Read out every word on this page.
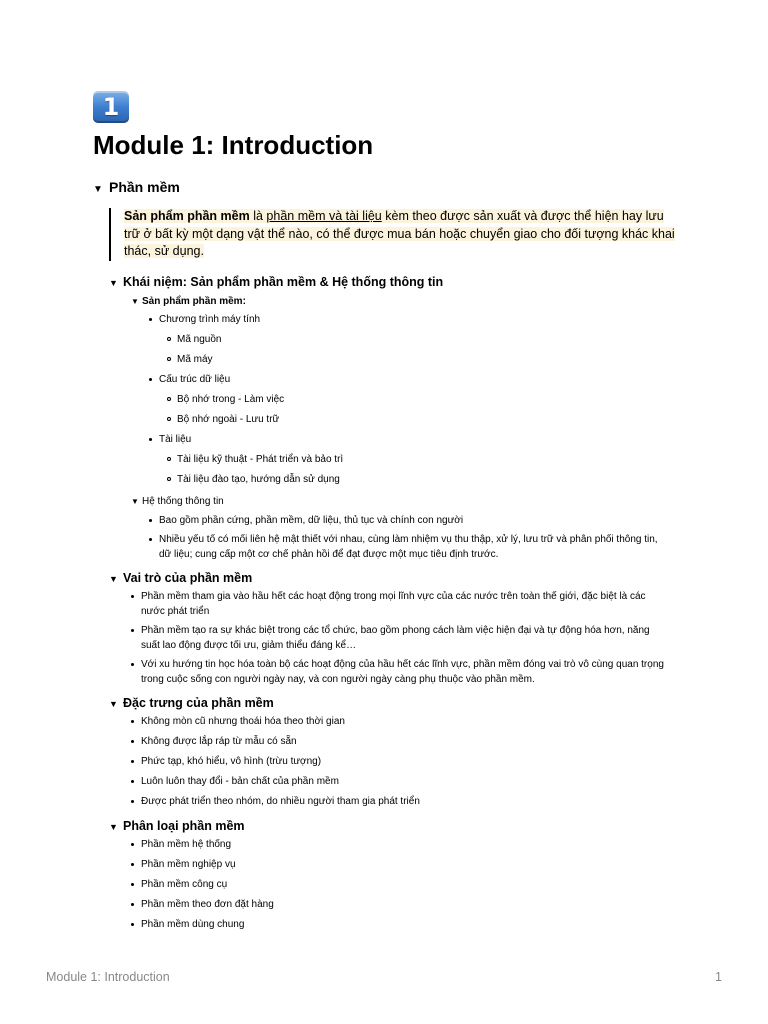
1
Module 1: Introduction
▼ Phần mềm
Sản phẩm phần mềm là phần mềm và tài liệu kèm theo được sản xuất và được thể hiện hay lưu trữ ở bất kỳ một dạng vật thể nào, có thể được mua bán hoặc chuyển giao cho đối tượng khác khai thác, sử dụng.
▼ Khái niệm: Sản phẩm phần mềm & Hệ thống thông tin
▼ Sản phẩm phần mềm:
Chương trình máy tính
Mã nguồn
Mã máy
Cấu trúc dữ liệu
Bộ nhớ trong - Làm việc
Bộ nhớ ngoài - Lưu trữ
Tài liệu
Tài liệu kỹ thuật - Phát triển và bảo trì
Tài liệu đào tạo, hướng dẫn sử dụng
▼ Hệ thống thông tin
Bao gồm phần cứng, phần mềm, dữ liệu, thủ tục và chính con người
Nhiều yếu tố có mối liên hệ mật thiết với nhau, cùng làm nhiệm vụ thu thập, xử lý, lưu trữ và phân phối thông tin, dữ liệu; cung cấp một cơ chế phản hồi để đạt được một mục tiêu định trước.
▼ Vai trò của phần mềm
Phần mềm tham gia vào hầu hết các hoạt động trong mọi lĩnh vực của các nước trên toàn thế giới, đặc biệt là các nước phát triển
Phần mềm tạo ra sự khác biệt trong các tổ chức, bao gồm phong cách làm việc hiện đại và tự động hóa hơn, năng suất lao động được tối ưu, giảm thiểu đáng kể…
Với xu hướng tin học hóa toàn bộ các hoạt động của hầu hết các lĩnh vực, phần mềm đóng vai trò vô cùng quan trọng trong cuộc sống con người ngày nay, và con người ngày càng phụ thuộc vào phần mềm.
▼ Đặc trưng của phần mềm
Không mòn cũ nhưng thoái hóa theo thời gian
Không được lắp ráp từ mẫu có sẵn
Phức tạp, khó hiểu, vô hình (trừu tượng)
Luôn luôn thay đổi - bản chất của phần mềm
Được phát triển theo nhóm, do nhiều người tham gia phát triển
▼ Phân loại phần mềm
Phần mềm hệ thống
Phần mềm nghiệp vụ
Phần mềm công cụ
Phần mềm theo đơn đặt hàng
Phần mềm dùng chung
Module 1: Introduction	1
